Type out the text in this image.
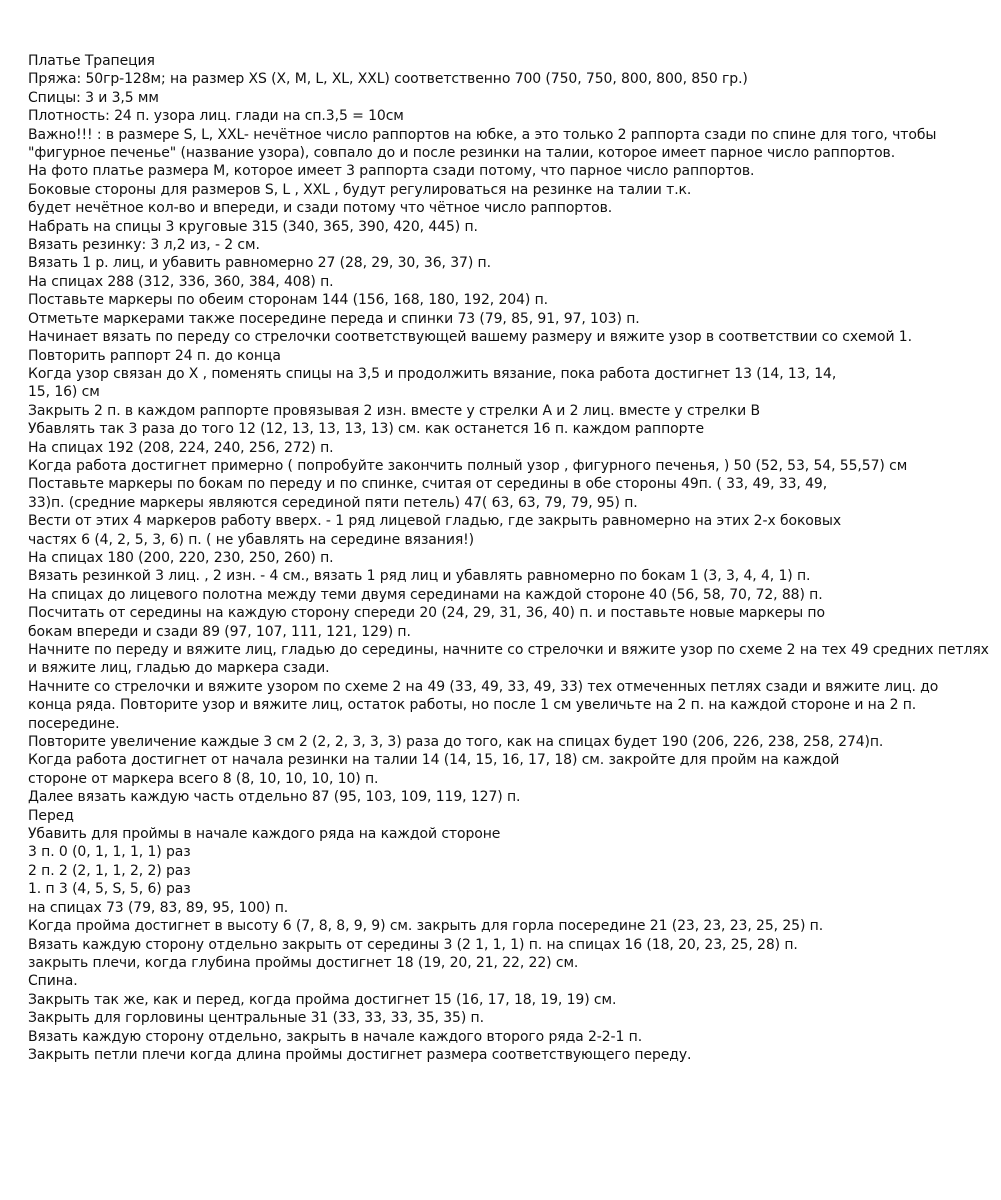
Платье Трапеция
Пряжа: 50гр-128м; на размер XS (X, M, L, XL, XXL) соответственно 700 (750, 750, 800, 800, 850 гр.)
Спицы: 3 и 3,5 мм
Плотность: 24 п. узора лиц. глади на сп.3,5 = 10см
Важно!!! : в размере S, L, XXL- нечётное число раппортов на юбке, а это только 2 раппорта сзади по спине для того, чтобы
"фигурное печенье" (название узора), совпало до и после резинки на талии, которое имеет парное число раппортов.
На фото платье размера М, которое имеет 3 раппорта сзади потому, что парное число раппортов.
Боковые стороны для размеров S, L , XXL , будут регулироваться на резинке на талии т.к.
будет нечётное кол-во и впереди, и сзади потому что чётное число раппортов.
Набрать на спицы 3 круговые 315 (340, 365, 390, 420, 445) п.
Вязать резинку: 3 л,2 из, - 2 см.
Вязать 1 р. лиц, и убавить равномерно 27 (28, 29, 30, 36, 37) п.
На спицах 288 (312, 336, 360, 384, 408) п.
Поставьте маркеры по обеим сторонам 144 (156, 168, 180, 192, 204) п.
Отметьте маркерами также посередине переда и спинки 73 (79, 85, 91, 97, 103) п.
Начинает вязать по переду со стрелочки соответствующей вашему размеру и вяжите узор в соответствии со схемой 1.
Повторить раппорт 24 п. до конца
Когда узор связан до X , поменять спицы на 3,5 и продолжить вязание, пока работа достигнет 13 (14, 13, 14,
15, 16) см
Закрыть 2 п. в каждом раппорте провязывая 2 изн. вместе у стрелки А и 2 лиц. вместе у стрелки В
Убавлять так 3 раза до того 12 (12, 13, 13, 13, 13) см. как останется 16 п. каждом раппорте
На спицах 192 (208, 224, 240, 256, 272) п.
Когда работа достигнет примерно ( попробуйте закончить полный узор , фигурного печенья, ) 50 (52, 53, 54, 55,57) см
Поставьте маркеры по бокам по переду и по спинке, считая от середины в обе стороны 49п. ( 33, 49, 33, 49,
33)п. (средние маркеры являются серединой пяти петель) 47( 63, 63, 79, 79, 95) п.
Вести от этих 4 маркеров работу вверх. - 1 ряд лицевой гладью, где закрыть равномерно на этих 2-х боковых
частях 6 (4, 2, 5, 3, 6) п. ( не убавлять на середине вязания!)
На спицах 180 (200, 220, 230, 250, 260) п.
Вязать резинкой 3 лиц. , 2 изн. - 4 см., вязать 1 ряд лиц и убавлять равномерно по бокам 1 (3, 3, 4, 4, 1) п.
На спицах до лицевого полотна между теми двумя серединами на каждой стороне 40 (56, 58, 70, 72, 88) п.
Посчитать от середины на каждую сторону спереди 20 (24, 29, 31, 36, 40) п. и поставьте новые маркеры по
бокам впереди и сзади 89 (97, 107, 111, 121, 129) п.
Начните по переду и вяжите лиц, гладью до середины, начните со стрелочки и вяжите узор по схеме 2 на тех 49 средних петлях
и вяжите лиц, гладью до маркера сзади.
Начните со стрелочки и вяжите узором по схеме 2 на 49 (33, 49, 33, 49, 33) тех отмеченных петлях сзади и вяжите лиц. до
конца ряда. Повторите узор и вяжите лиц, остаток работы, но после 1 см увеличьте на 2 п. на каждой стороне и на 2 п.
посередине.
Повторите увеличение каждые 3 см 2 (2, 2, 3, 3, 3) раза до того, как на спицах будет 190 (206, 226, 238, 258, 274)п.
Когда работа достигнет от начала резинки на талии 14 (14, 15, 16, 17, 18) см. закройте для пройм на каждой
стороне от маркера всего 8 (8, 10, 10, 10, 10) п.
Далее вязать каждую часть отдельно 87 (95, 103, 109, 119, 127) п.
Перед
Убавить для проймы в начале каждого ряда на каждой стороне
3 п. 0 (0, 1, 1, 1, 1) раз
2 п. 2 (2, 1, 1, 2, 2) раз
1. п 3 (4, 5, S, 5, 6) раз
на спицах 73 (79, 83, 89, 95, 100) п.
Когда пройма достигнет в высоту 6 (7, 8, 8, 9, 9) см. закрыть для горла посередине 21 (23, 23, 23, 25, 25) п.
Вязать каждую сторону отдельно закрыть от середины 3 (2 1, 1, 1) п. на спицах 16 (18, 20, 23, 25, 28) п.
закрыть плечи, когда глубина проймы достигнет 18 (19, 20, 21, 22, 22) см.
Спина.
Закрыть так же, как и перед, когда пройма достигнет 15 (16, 17, 18, 19, 19) см.
Закрыть для горловины центральные 31 (33, 33, 33, 35, 35) п.
Вязать каждую сторону отдельно, закрыть в начале каждого второго ряда 2-2-1 п.
Закрыть петли плечи когда длина проймы достигнет размера соответствующего переду.
